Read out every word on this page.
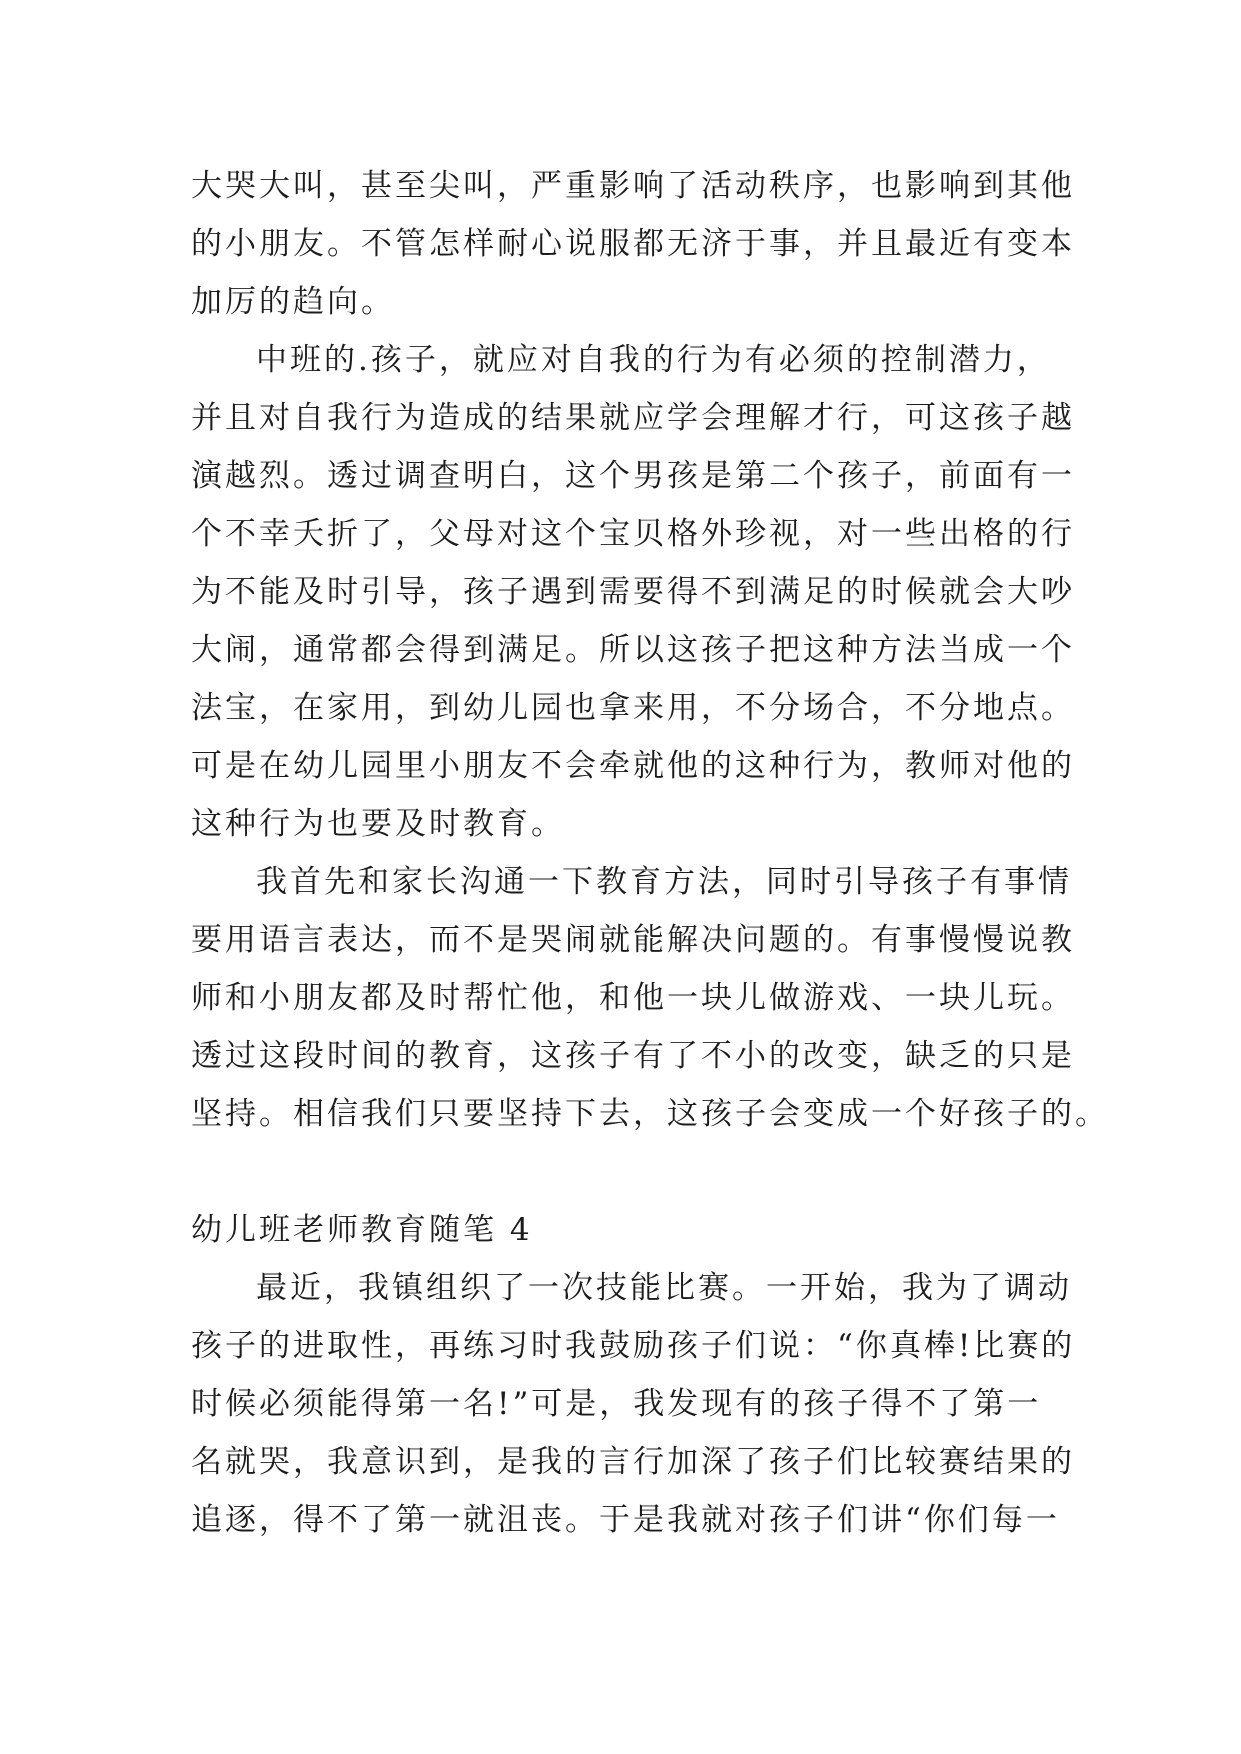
大哭大叫，甚至尖叫，严重影响了活动秩序，也影响到其他
的小朋友。不管怎样耐心说服都无济于事，并且最近有变本
加厉的趋向。
中班的.孩子，就应对自我的行为有必须的控制潜力，
并且对自我行为造成的结果就应学会理解才行，可这孩子越
演越烈。透过调查明白，这个男孩是第二个孩子，前面有一
个不幸夭折了，父母对这个宝贝格外珍视，对一些出格的行
为不能及时引导，孩子遇到需要得不到满足的时候就会大吵
大闹，通常都会得到满足。所以这孩子把这种方法当成一个
法宝，在家用，到幼儿园也拿来用，不分场合，不分地点。
可是在幼儿园里小朋友不会牵就他的这种行为，教师对他的
这种行为也要及时教育。
我首先和家长沟通一下教育方法，同时引导孩子有事情
要用语言表达，而不是哭闹就能解决问题的。有事慢慢说教
师和小朋友都及时帮忙他，和他一块儿做游戏、一块儿玩。
透过这段时间的教育，这孩子有了不小的改变，缺乏的只是
坚持。相信我们只要坚持下去，这孩子会变成一个好孩子的。
幼儿班老师教育随笔 4
最近，我镇组织了一次技能比赛。一开始，我为了调动
孩子的进取性，再练习时我鼓励孩子们说：“你真棒!比赛的
时候必须能得第一名!”可是，我发现有的孩子得不了第一
名就哭，我意识到，是我的言行加深了孩子们比较赛结果的
追逐，得不了第一就沮丧。于是我就对孩子们讲“你们每一
